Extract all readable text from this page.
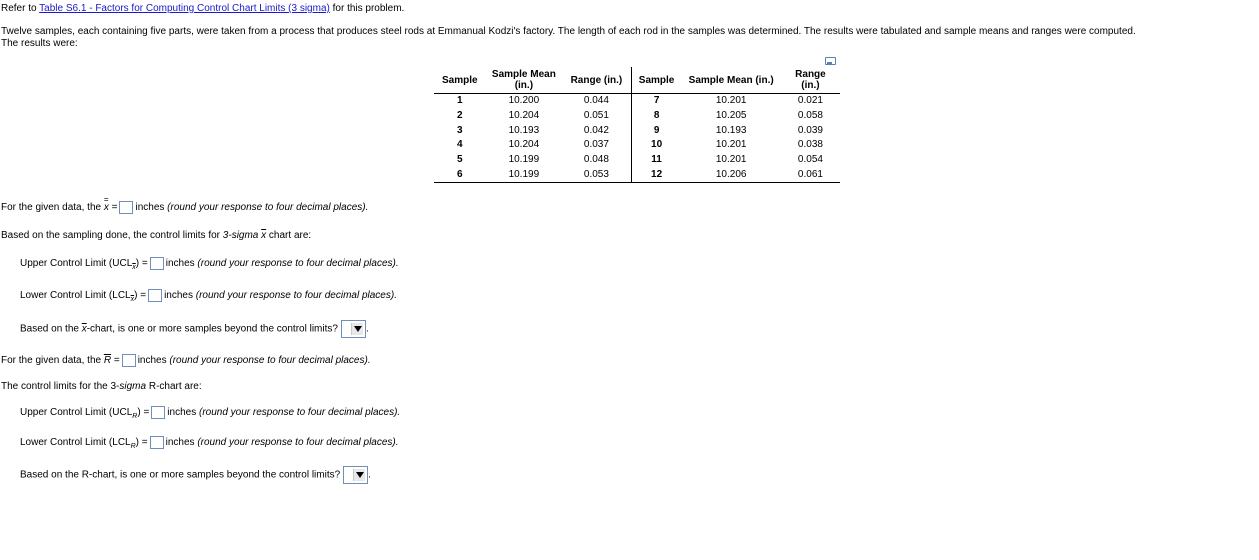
Refer to Table S6.1 - Factors for Computing Control Chart Limits (3 sigma) for this problem.
Twelve samples, each containing five parts, were taken from a process that produces steel rods at Emmanual Kodzi's factory. The length of each rod in the samples was determined. The results were tabulated and sample means and ranges were computed.
The results were:
Sample	Sample Mean (in.)	Range (in.)	Sample	Sample Mean (in.)	Range (in.)
1	10.200	0.044	7	10.201	0.021
2	10.204	0.051	8	10.205	0.058
3	10.193	0.042	9	10.193	0.039
4	10.204	0.037	10	10.201	0.038
5	10.199	0.048	11	10.201	0.054
6	10.199	0.053	12	10.206	0.061
For the given data, the x
=
= inches (round your response to four decimal places).
Based on the sampling done, the control limits for 3-sigma $\overline{x}$ chart are:
Upper Control Limit $(UCL_{\overline{x}})$ = inches (round your response to four decimal places).
Lower Control Limit $(LCL_{\overline{x}})$ = inches (round your response to four decimal places).
Based on the $\overline{x}$-chart, is one or more samples beyond the control limits?	.
For the given data, the $\overline{R}$ = inches (round your response to four decimal places).
The control limits for the 3-sigma R-chart are:
Upper Control Limit $(UCL_R)$ = inches (round your response to four decimal places).
Lower Control Limit $(LCL_R)$ = inches (round your response to four decimal places).
Based on the R-chart, is one or more samples beyond the control limits?	.
